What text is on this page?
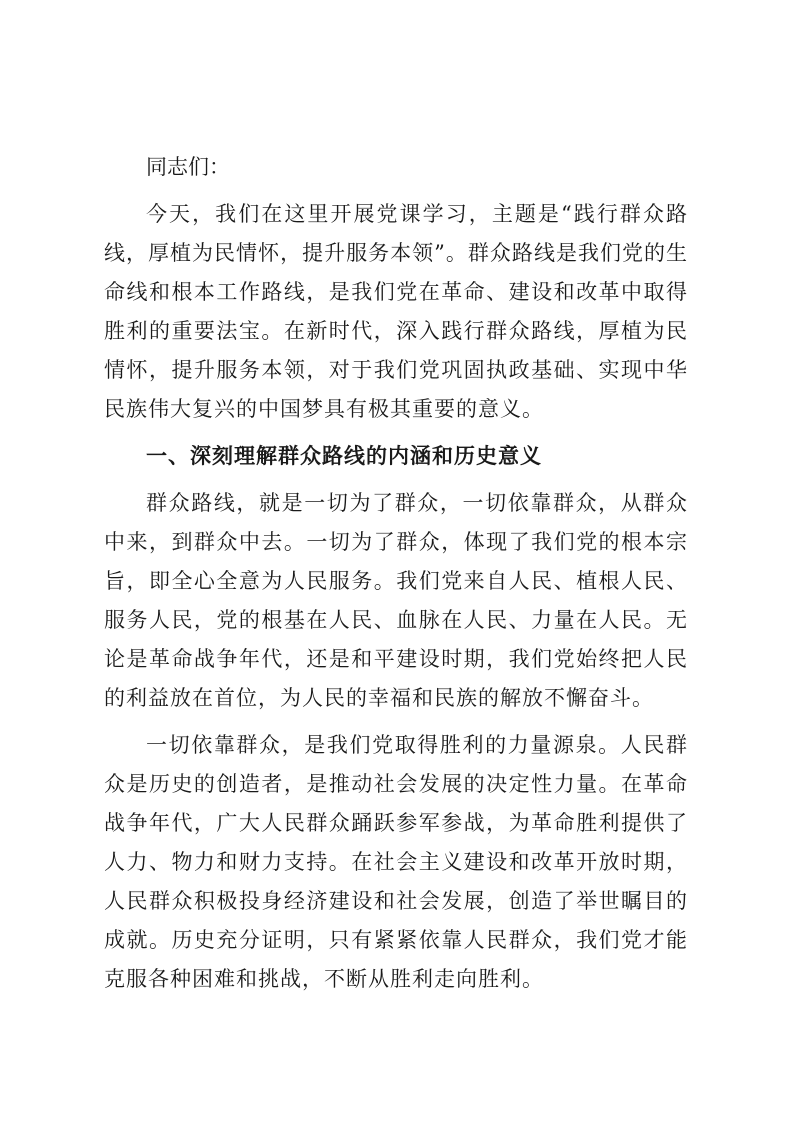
同志们：

今天，我们在这里开展党课学习，主题是“践行群众路线，厚植为民情怀，提升服务本领”。群众路线是我们党的生命线和根本工作路线，是我们党在革命、建设和改革中取得胜利的重要法宝。在新时代，深入践行群众路线，厚植为民情怀，提升服务本领，对于我们党巩固执政基础、实现中华民族伟大复兴的中国梦具有极其重要的意义。

一、深刻理解群众路线的内涵和历史意义

群众路线，就是一切为了群众，一切依靠群众，从群众中来，到群众中去。一切为了群众，体现了我们党的根本宗旨，即全心全意为人民服务。我们党来自人民、植根人民、服务人民，党的根基在人民、血脉在人民、力量在人民。无论是革命战争年代，还是和平建设时期，我们党始终把人民的利益放在首位，为人民的幸福和民族的解放不懈奋斗。

一切依靠群众，是我们党取得胜利的力量源泉。人民群众是历史的创造者，是推动社会发展的决定性力量。在革命战争年代，广大人民群众踊跃参军参战，为革命胜利提供了人力、物力和财力支持。在社会主义建设和改革开放时期，人民群众积极投身经济建设和社会发展，创造了举世瞩目的成就。历史充分证明，只有紧紧依靠人民群众，我们党才能克服各种困难和挑战，不断从胜利走向胜利。
